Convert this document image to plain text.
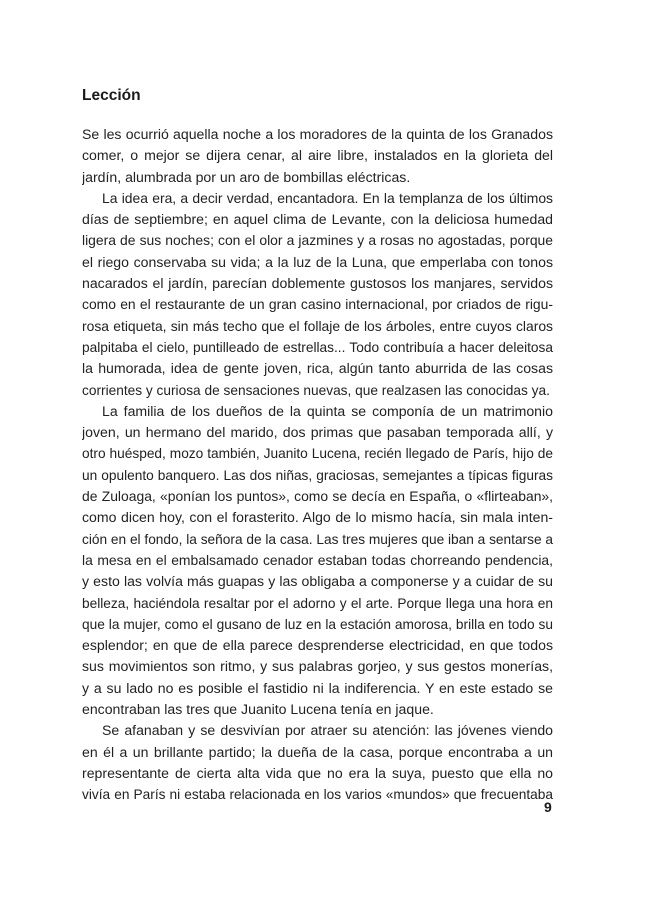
Lección
Se les ocurrió aquella noche a los moradores de la quinta de los Granados
comer, o mejor se dijera cenar, al aire libre, instalados en la glorieta del
jardín, alumbrada por un aro de bombillas eléctricas.
La idea era, a decir verdad, encantadora. En la templanza de los últimos
días de septiembre; en aquel clima de Levante, con la deliciosa humedad
ligera de sus noches; con el olor a jazmines y a rosas no agostadas, porque
el riego conservaba su vida; a la luz de la Luna, que emperlaba con tonos
nacarados el jardín, parecían doblemente gustosos los manjares, servidos
como en el restaurante de un gran casino internacional, por criados de rigu-
rosa etiqueta, sin más techo que el follaje de los árboles, entre cuyos claros
palpitaba el cielo, puntilleado de estrellas... Todo contribuía a hacer deleitosa
la humorada, idea de gente joven, rica, algún tanto aburrida de las cosas
corrientes y curiosa de sensaciones nuevas, que realzasen las conocidas ya.
La familia de los dueños de la quinta se componía de un matrimonio
joven, un hermano del marido, dos primas que pasaban temporada allí, y
otro huésped, mozo también, Juanito Lucena, recién llegado de París, hijo de
un opulento banquero. Las dos niñas, graciosas, semejantes a típicas figuras
de Zuloaga, «ponían los puntos», como se decía en España, o «flirteaban»,
como dicen hoy, con el forasterito. Algo de lo mismo hacía, sin mala inten-
ción en el fondo, la señora de la casa. Las tres mujeres que iban a sentarse a
la mesa en el embalsamado cenador estaban todas chorreando pendencia,
y esto las volvía más guapas y las obligaba a componerse y a cuidar de su
belleza, haciéndola resaltar por el adorno y el arte. Porque llega una hora en
que la mujer, como el gusano de luz en la estación amorosa, brilla en todo su
esplendor; en que de ella parece desprenderse electricidad, en que todos
sus movimientos son ritmo, y sus palabras gorjeo, y sus gestos monerías,
y a su lado no es posible el fastidio ni la indiferencia. Y en este estado se
encontraban las tres que Juanito Lucena tenía en jaque.
Se afanaban y se desvivían por atraer su atención: las jóvenes viendo
en él a un brillante partido; la dueña de la casa, porque encontraba a un
representante de cierta alta vida que no era la suya, puesto que ella no
vivía en París ni estaba relacionada en los varios «mundos» que frecuentaba
9
